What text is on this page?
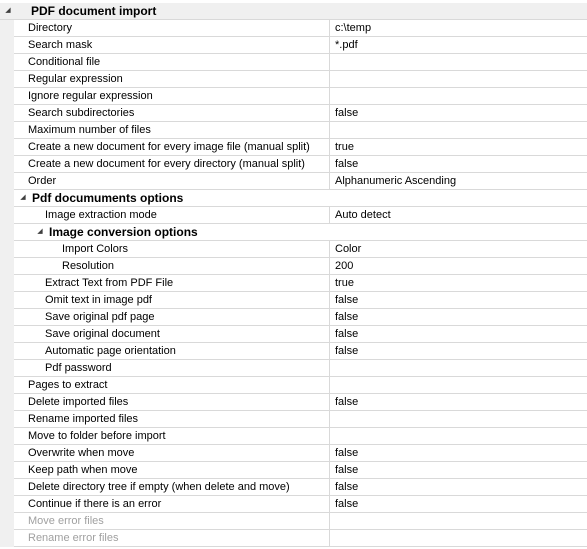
◢	PDF document import
Directory	c:\temp
Search mask	*.pdf
Conditional file
Regular expression
Ignore regular expression
Search subdirectories	false
Maximum number of files
Create a new document for every image file (manual split)	true
Create a new document for every directory (manual split)	false
Order	Alphanumeric Ascending
◢ Pdf documuments options
Image extraction mode	Auto detect
◢ Image conversion options
Import Colors	Color
Resolution	200
Extract Text from PDF File	true
Omit text in image pdf	false
Save original pdf page	false
Save original document	false
Automatic page orientation	false
Pdf password
Pages to extract
Delete imported files	false
Rename imported files
Move to folder before import
Overwrite when move	false
Keep path when move	false
Delete directory tree if empty (when delete and move)	false
Continue if there is an error	false
Move error files
Rename error files
